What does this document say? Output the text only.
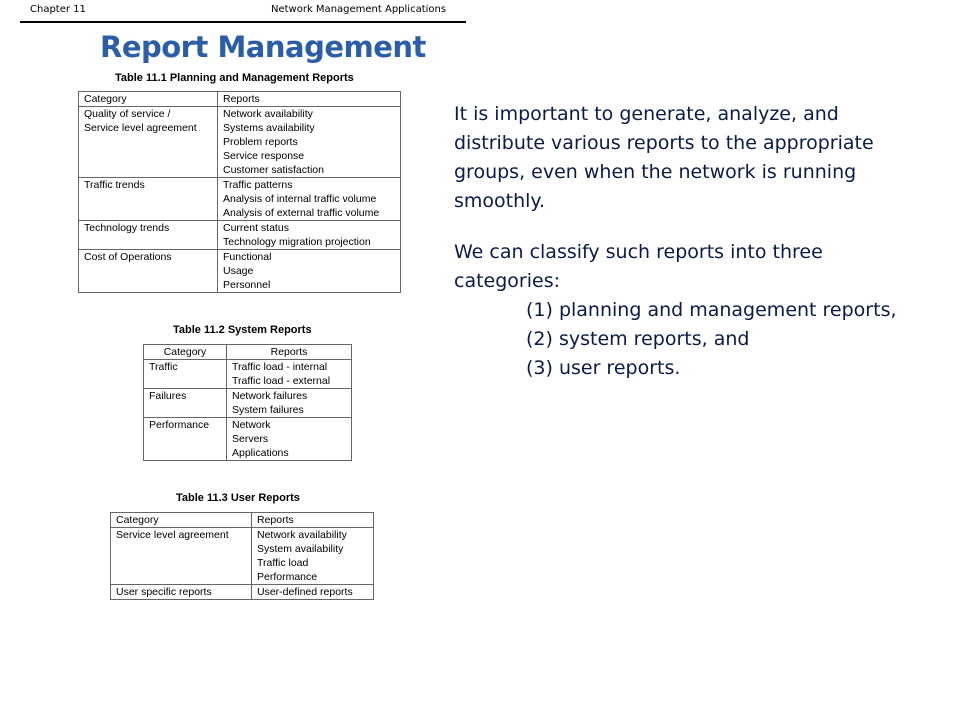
Chapter 11	Network Management Applications
Report Management
Table 11.1 Planning and Management Reports
Category	Reports

Quality of service /
Service level agreement	Network availability
Systems availability
Problem reports
Service response
Customer satisfaction

Traffic trends	Traffic patterns
Analysis of internal traffic volume
Analysis of external traffic volume

Technology trends	Current status
Technology migration projection

Cost of Operations	Functional
Usage
Personnel
Table 11.2 System Reports
Category	Reports

Traffic	Traffic load - internal
Traffic load - external

Failures	Network failures
System failures

Performance	Network
Servers
Applications
Table 11.3 User Reports
Category	Reports

Service level agreement	Network availability
System availability
Traffic load
Performance

User specific reports	User-defined reports

It is important to generate, analyze, and distribute various reports to the appropriate groups, even when the network is running smoothly.

We can classify such reports into three categories:

(1) planning and management reports,

(2) system reports, and

(3) user reports.
